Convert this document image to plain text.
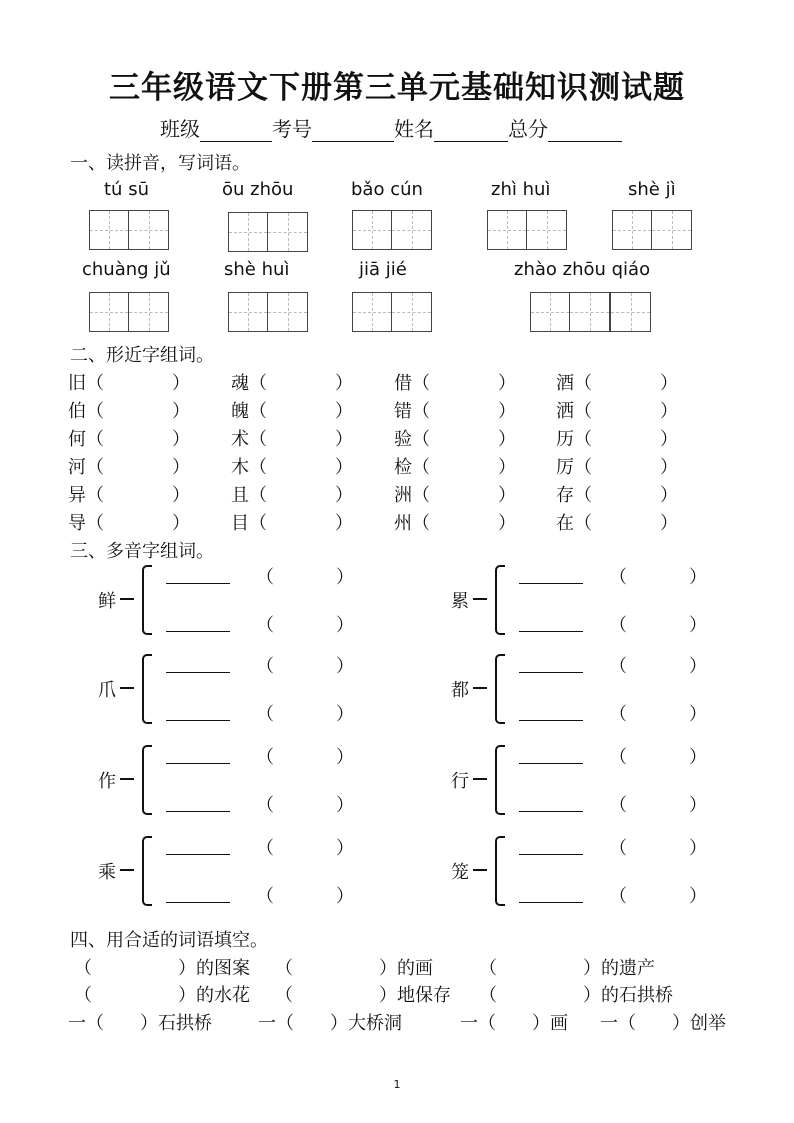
三年级语文下册第三单元基础知识测试题
班级	考号	姓名	总分
一、读拼音，写词语。
tú sū	ōu zhōu	bǎo cún	zhì huì	shè jì
chuàng jǔ	shè huì	jiā jié	zhào zhōu qiáo
二、形近字组词。
旧（	） 魂（	） 借（	） 酒（	）
伯（	） 魄（	） 错（	） 洒（	）
何（	） 术（	） 验（	） 历（	）
河（	） 木（	） 检（	） 厉（	）
异（	） 且（	） 洲（	） 存（	）
导（	） 目（	） 州（	） 在（	）
三、多音字组词。
鲜
（	）
（	）
累
（	）
（	）
爪
（	）
（	）
都
（	）
（	）
作
（	）
（	）
行
（	）
（	）
乘
（	）
（	）
笼
（	）
（	）
四、用合适的词语填空。
（	）的图案 （	）的画	（	）的遗产
（	）的水花 （	）地保存 （	）的石拱桥
一（　　）石拱桥	一（　　）大桥洞	一（　　）画 一（　　）创举
1
